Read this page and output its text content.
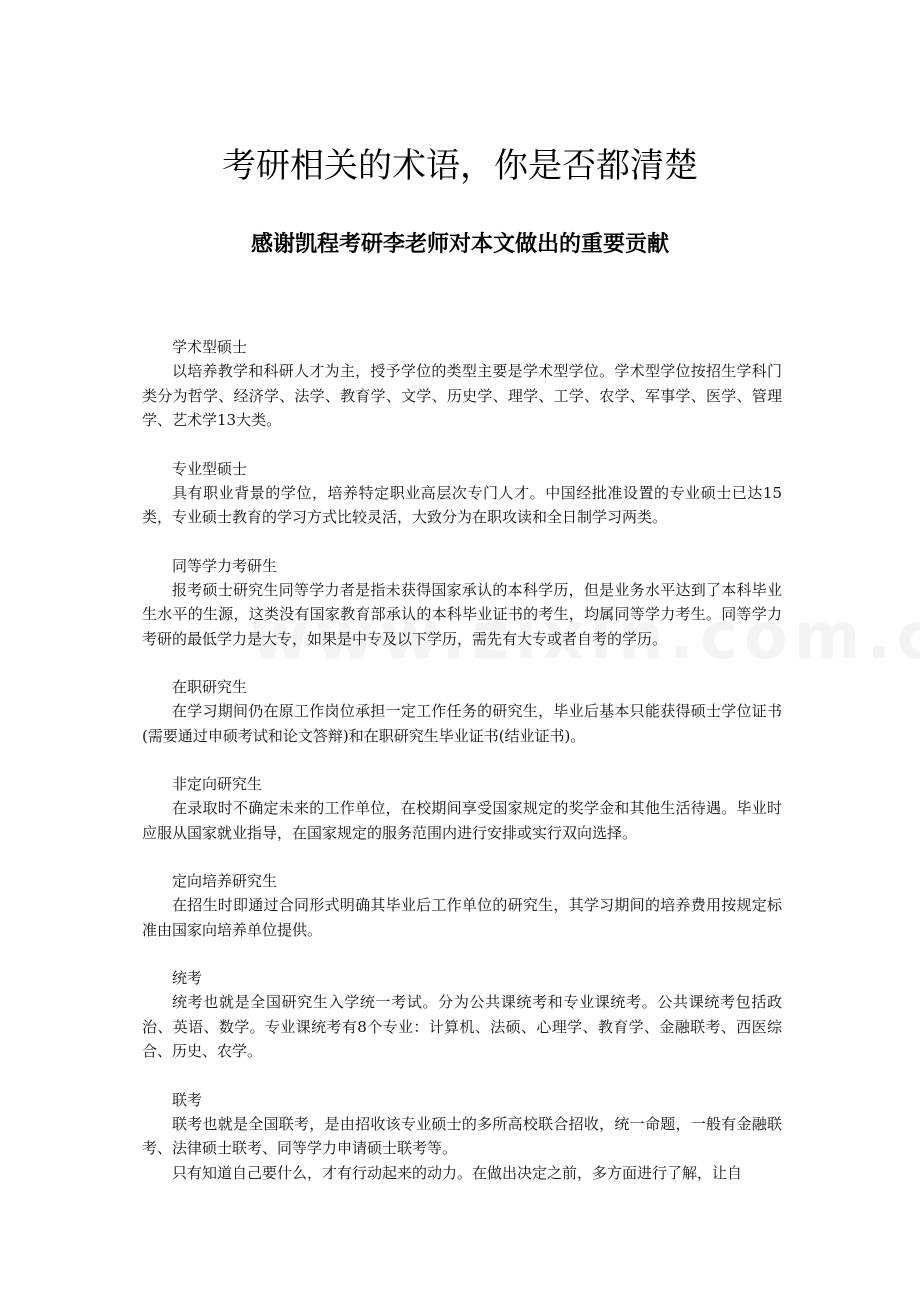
考研相关的术语，你是否都清楚
感谢凯程考研李老师对本文做出的重要贡献

学术型硕士

以培养教学和科研人才为主，授予学位的类型主要是学术型学位。学术型学位按招生学科门类分为哲学、经济学、法学、教育学、文学、历史学、理学、工学、农学、军事学、医学、管理学、艺术学13大类。

专业型硕士

具有职业背景的学位，培养特定职业高层次专门人才。中国经批准设置的专业硕士已达15类，专业硕士教育的学习方式比较灵活，大致分为在职攻读和全日制学习两类。

同等学力考研生

报考硕士研究生同等学力者是指未获得国家承认的本科学历，但是业务水平达到了本科毕业生水平的生源，这类没有国家教育部承认的本科毕业证书的考生，均属同等学力考生。同等学力考研的最低学力是大专，如果是中专及以下学历，需先有大专或者自考的学历。

在职研究生

在学习期间仍在原工作岗位承担一定工作任务的研究生，毕业后基本只能获得硕士学位证书(需要通过申硕考试和论文答辩)和在职研究生毕业证书(结业证书)。

非定向研究生

在录取时不确定未来的工作单位，在校期间享受国家规定的奖学金和其他生活待遇。毕业时应服从国家就业指导，在国家规定的服务范围内进行安排或实行双向选择。

定向培养研究生

在招生时即通过合同形式明确其毕业后工作单位的研究生，其学习期间的培养费用按规定标准由国家向培养单位提供。

统考

统考也就是全国研究生入学统一考试。分为公共课统考和专业课统考。公共课统考包括政治、英语、数学。专业课统考有8个专业：计算机、法硕、心理学、教育学、金融联考、西医综合、历史、农学。

联考

联考也就是全国联考，是由招收该专业硕士的多所高校联合招收，统一命题，一般有金融联考、法律硕士联考、同等学力申请硕士联考等。

只有知道自己要什么，才有行动起来的动力。在做出决定之前，多方面进行了解，让自
